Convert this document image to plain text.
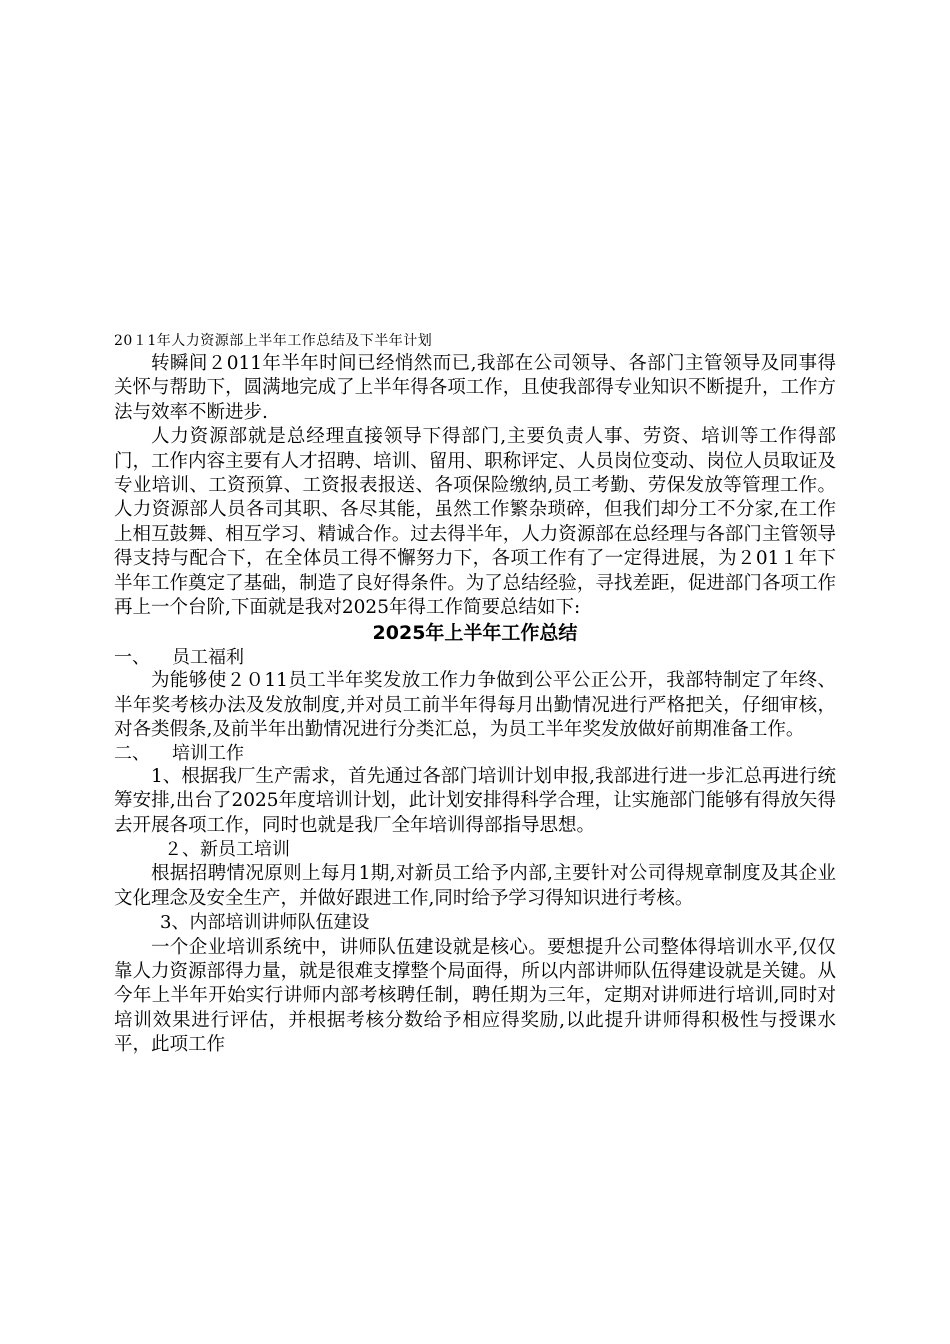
20１1年人力资源部上半年工作总结及下半年计划

转瞬间２011年半年时间已经悄然而已,我部在公司领导、各部门主管领导及同事得关怀与帮助下，圆满地完成了上半年得各项工作，且使我部得专业知识不断提升，工作方法与效率不断进步.

人力资源部就是总经理直接领导下得部门,主要负责人事、劳资、培训等工作得部门，工作内容主要有人才招聘、培训、留用、职称评定、人员岗位变动、岗位人员取证及专业培训、工资预算、工资报表报送、各项保险缴纳,员工考勤、劳保发放等管理工作。人力资源部人员各司其职、各尽其能，虽然工作繁杂琐碎，但我们却分工不分家,在工作上相互鼓舞、相互学习、精诚合作。过去得半年，人力资源部在总经理与各部门主管领导得支持与配合下，在全体员工得不懈努力下，各项工作有了一定得进展，为２01１年下半年工作奠定了基础，制造了良好得条件。为了总结经验，寻找差距，促进部门各项工作再上一个台阶,下面就是我对2025年得工作简要总结如下:

2025年上半年工作总结

一、 员工福利

为能够使２０11员工半年奖发放工作力争做到公平公正公开，我部特制定了年终、半年奖考核办法及发放制度,并对员工前半年得每月出勤情况进行严格把关，仔细审核，对各类假条,及前半年出勤情况进行分类汇总，为员工半年奖发放做好前期准备工作。

二、 培训工作

1、根据我厂生产需求，首先通过各部门培训计划申报,我部进行进一步汇总再进行统筹安排,出台了2025年度培训计划，此计划安排得科学合理，让实施部门能够有得放矢得去开展各项工作，同时也就是我厂全年培训得部指导思想。

２、新员工培训

根据招聘情况原则上每月1期,对新员工给予内部,主要针对公司得规章制度及其企业文化理念及安全生产，并做好跟进工作,同时给予学习得知识进行考核。

3、内部培训讲师队伍建设

一个企业培训系统中，讲师队伍建设就是核心。要想提升公司整体得培训水平,仅仅靠人力资源部得力量，就是很难支撑整个局面得，所以内部讲师队伍得建设就是关键。从今年上半年开始实行讲师内部考核聘任制，聘任期为三年，定期对讲师进行培训,同时对培训效果进行评估，并根据考核分数给予相应得奖励,以此提升讲师得积极性与授课水平，此项工作
